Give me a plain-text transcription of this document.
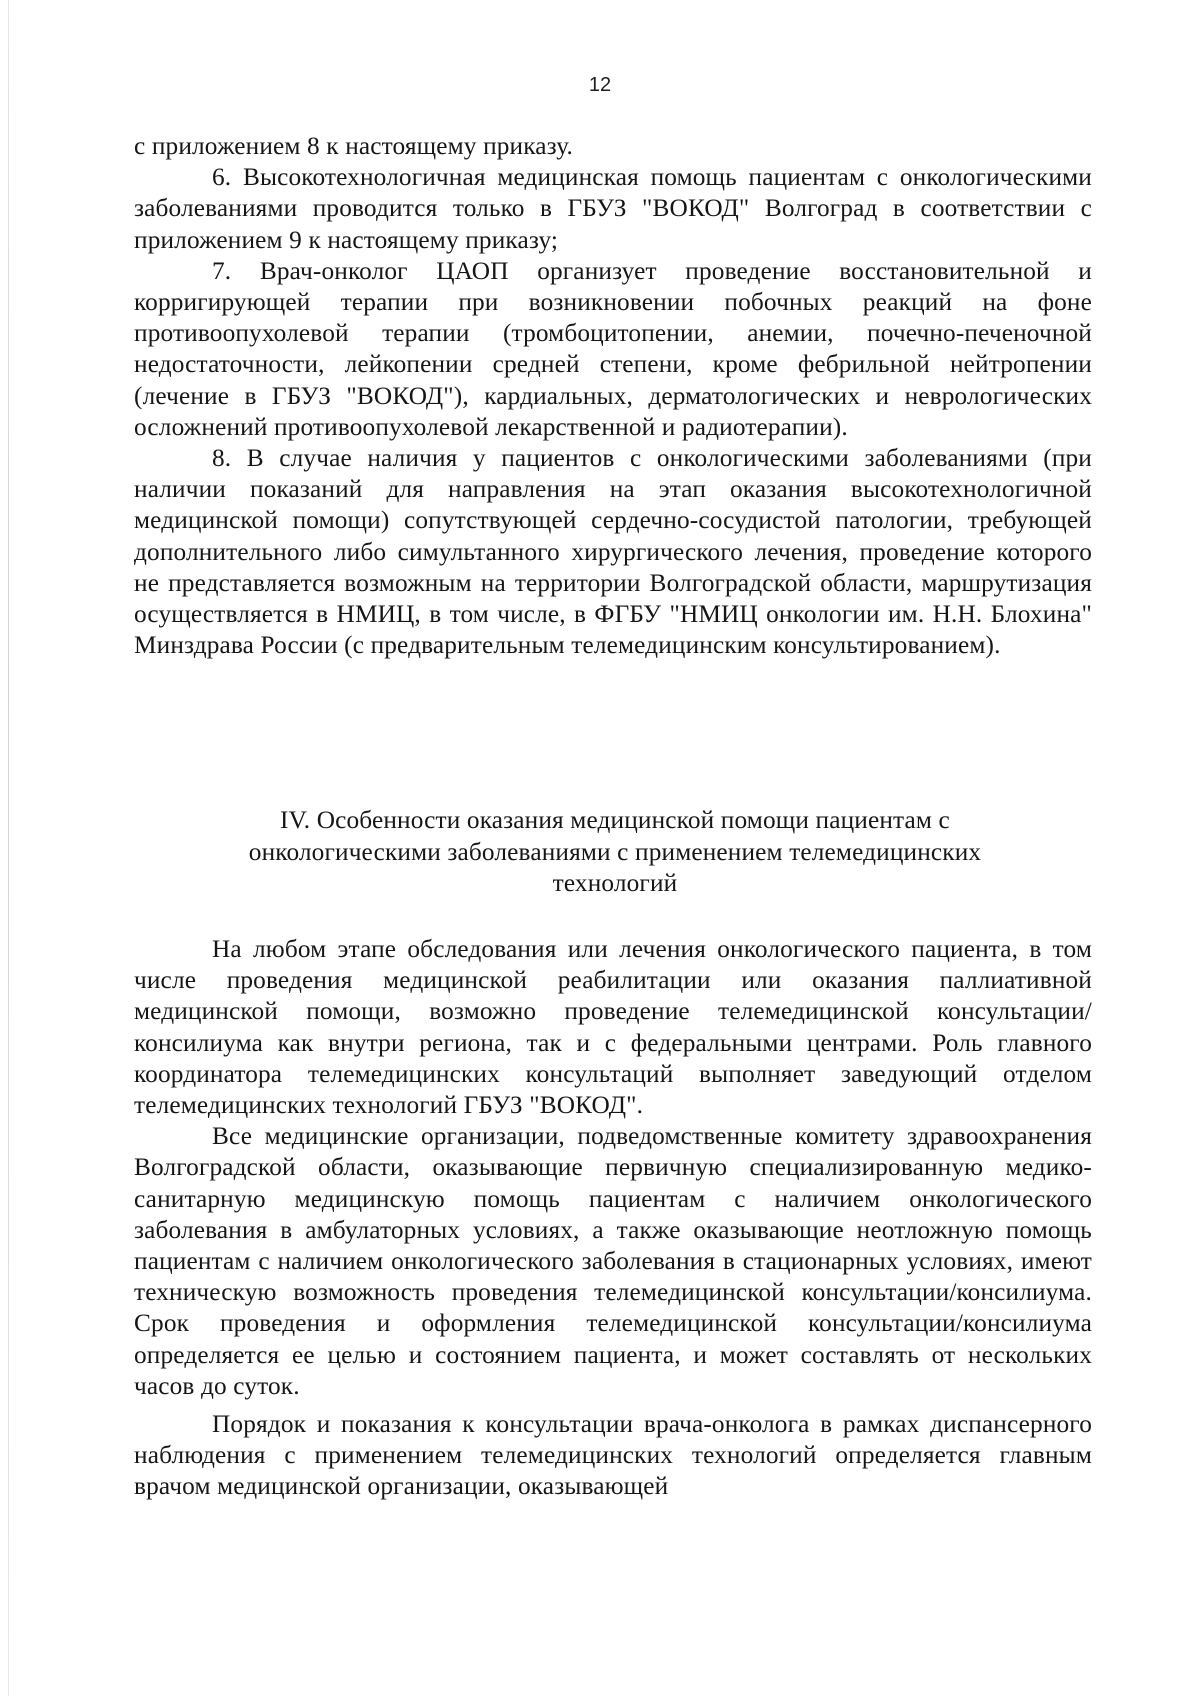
12

с приложением 8 к настоящему приказу.

6. Высокотехнологичная медицинская помощь пациентам с онкологическими заболеваниями проводится только в ГБУЗ "ВОКОД" Волгоград в соответствии с приложением 9 к настоящему приказу;

7. Врач-онколог ЦАОП организует проведение восстановительной и корригирующей терапии при возникновении побочных реакций на фоне противоопухолевой терапии (тромбоцитопении, анемии, почечно-печеночной недостаточности, лейкопении средней степени, кроме фебрильной нейтропении (лечение в ГБУЗ "ВОКОД"), кардиальных, дерматологических и неврологических осложнений противоопухолевой лекарственной и радиотерапии).

8. В случае наличия у пациентов с онкологическими заболеваниями (при наличии показаний для направления на этап оказания высокотехнологичной медицинской помощи) сопутствующей сердечно-сосудистой патологии, требующей дополнительного либо симультанного хирургического лечения, проведение которого не представляется возможным на территории Волгоградской области, маршрутизация осуществляется в НМИЦ, в том числе, в ФГБУ "НМИЦ онкологии им. Н.Н. Блохина" Минздрава России (с предварительным телемедицинским консультированием).

IV. Особенности оказания медицинской помощи пациентам с онкологическими заболеваниями с применением телемедицинских технологий

На любом этапе обследования или лечения онкологического пациента, в том числе проведения медицинской реабилитации или оказания паллиативной медицинской помощи, возможно проведение телемедицинской консультации/консилиума как внутри региона, так и с федеральными центрами. Роль главного координатора телемедицинских консультаций выполняет заведующий отделом телемедицинских технологий ГБУЗ "ВОКОД".

Все медицинские организации, подведомственные комитету здравоохранения Волгоградской области, оказывающие первичную специализированную медико-санитарную медицинскую помощь пациентам с наличием онкологического заболевания в амбулаторных условиях, а также оказывающие неотложную помощь пациентам с наличием онкологического заболевания в стационарных условиях, имеют техническую возможность проведения телемедицинской консультации/консилиума. Срок проведения и оформления телемедицинской консультации/консилиума определяется ее целью и состоянием пациента, и может составлять от нескольких часов до суток.

Порядок и показания к консультации врача-онколога в рамках диспансерного наблюдения с применением телемедицинских технологий определяется главным врачом медицинской организации, оказывающей
